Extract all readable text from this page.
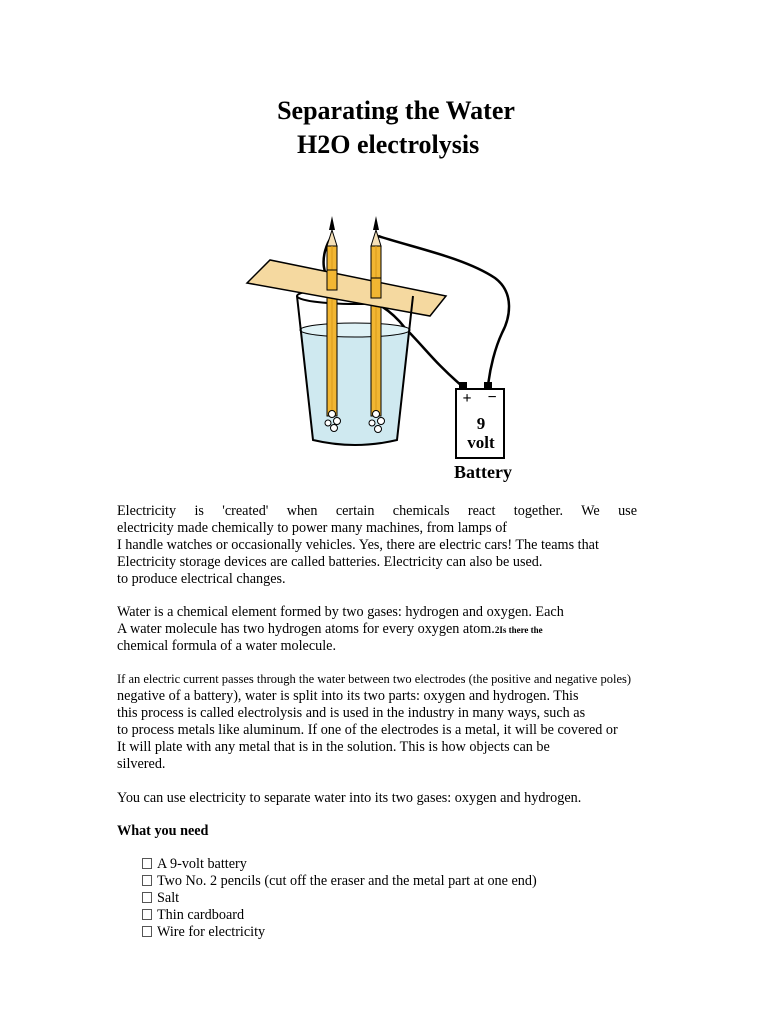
Separating the Water
H2O electrolysis
+ −
9
volt
Battery
Electricity is 'created' when certain chemicals react together. We use
electricity made chemically to power many machines, from lamps of
I handle watches or occasionally vehicles. Yes, there are electric cars! The teams that
Electricity storage devices are called batteries. Electricity can also be used.
to produce electrical changes.
Water is a chemical element formed by two gases: hydrogen and oxygen. Each
A water molecule has two hydrogen atoms for every oxygen atom.2Is there the
chemical formula of a water molecule.
If an electric current passes through the water between two electrodes (the positive and negative poles)
negative of a battery), water is split into its two parts: oxygen and hydrogen. This
this process is called electrolysis and is used in the industry in many ways, such as
to process metals like aluminum. If one of the electrodes is a metal, it will be covered or
It will plate with any metal that is in the solution. This is how objects can be
silvered.
You can use electricity to separate water into its two gases: oxygen and hydrogen.
What you need
A 9-volt battery
Two No. 2 pencils (cut off the eraser and the metal part at one end)
Salt
Thin cardboard
Wire for electricity
